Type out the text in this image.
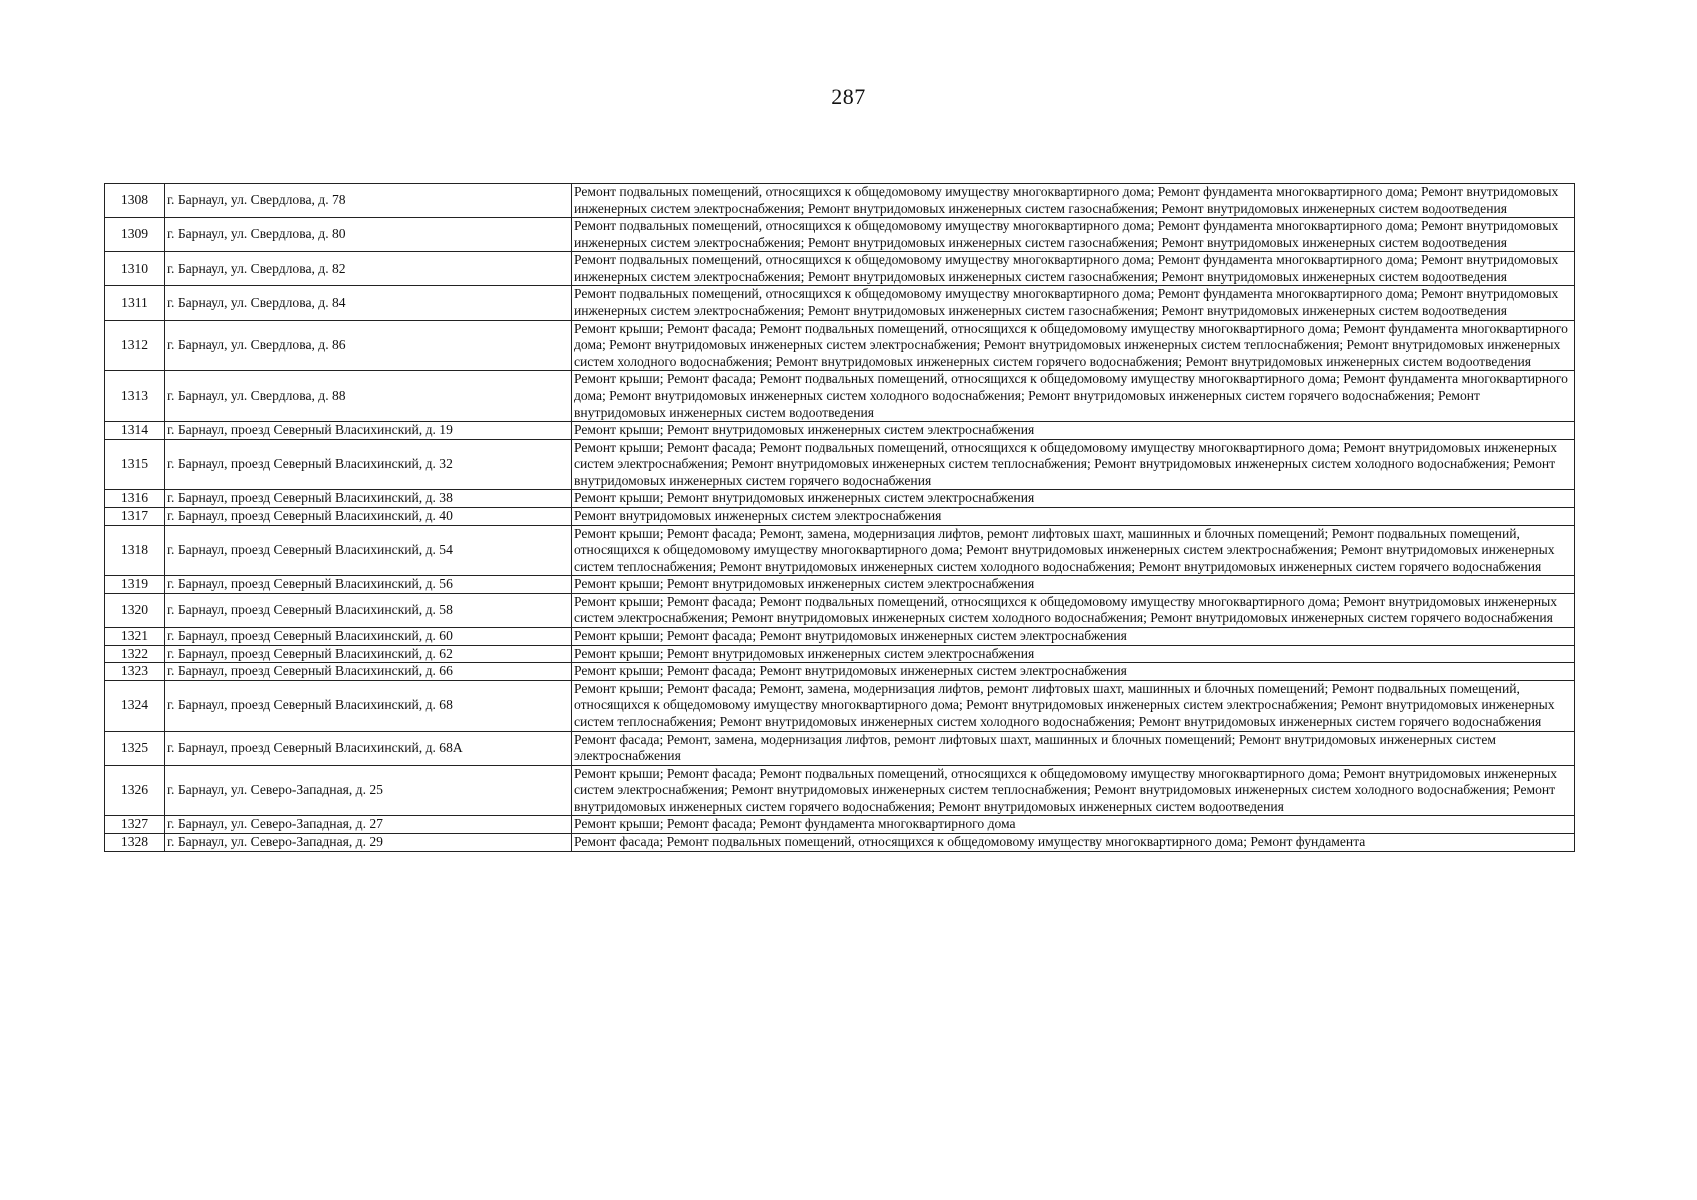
287
1308	г. Барнаул, ул. Свердлова, д. 78	Ремонт подвальных помещений, относящихся к общедомовому имуществу многоквартирного дома; Ремонт фундамента многоквартирного дома; Ремонт внутридомовых инженерных систем электроснабжения; Ремонт внутридомовых инженерных систем газоснабжения; Ремонт внутридомовых инженерных систем водоотведения
1309	г. Барнаул, ул. Свердлова, д. 80	Ремонт подвальных помещений, относящихся к общедомовому имуществу многоквартирного дома; Ремонт фундамента многоквартирного дома; Ремонт внутридомовых инженерных систем электроснабжения; Ремонт внутридомовых инженерных систем газоснабжения; Ремонт внутридомовых инженерных систем водоотведения
1310	г. Барнаул, ул. Свердлова, д. 82	Ремонт подвальных помещений, относящихся к общедомовому имуществу многоквартирного дома; Ремонт фундамента многоквартирного дома; Ремонт внутридомовых инженерных систем электроснабжения; Ремонт внутридомовых инженерных систем газоснабжения; Ремонт внутридомовых инженерных систем водоотведения
1311	г. Барнаул, ул. Свердлова, д. 84	Ремонт подвальных помещений, относящихся к общедомовому имуществу многоквартирного дома; Ремонт фундамента многоквартирного дома; Ремонт внутридомовых инженерных систем электроснабжения; Ремонт внутридомовых инженерных систем газоснабжения; Ремонт внутридомовых инженерных систем водоотведения
1312	г. Барнаул, ул. Свердлова, д. 86	Ремонт крыши; Ремонт фасада; Ремонт подвальных помещений, относящихся к общедомовому имуществу многоквартирного дома; Ремонт фундамента многоквартирного дома; Ремонт внутридомовых инженерных систем электроснабжения; Ремонт внутридомовых инженерных систем теплоснабжения; Ремонт внутридомовых инженерных систем холодного водоснабжения; Ремонт внутридомовых инженерных систем горячего водоснабжения; Ремонт внутридомовых инженерных систем водоотведения
1313	г. Барнаул, ул. Свердлова, д. 88	Ремонт крыши; Ремонт фасада; Ремонт подвальных помещений, относящихся к общедомовому имуществу многоквартирного дома; Ремонт фундамента многоквартирного дома; Ремонт внутридомовых инженерных систем холодного водоснабжения; Ремонт внутридомовых инженерных систем горячего водоснабжения; Ремонт внутридомовых инженерных систем водоотведения
1314	г. Барнаул, проезд Северный Власихинский, д. 19	Ремонт крыши; Ремонт внутридомовых инженерных систем электроснабжения
1315	г. Барнаул, проезд Северный Власихинский, д. 32	Ремонт крыши; Ремонт фасада; Ремонт подвальных помещений, относящихся к общедомовому имуществу многоквартирного дома; Ремонт внутридомовых инженерных систем электроснабжения; Ремонт внутридомовых инженерных систем теплоснабжения; Ремонт внутридомовых инженерных систем холодного водоснабжения; Ремонт внутридомовых инженерных систем горячего водоснабжения
1316	г. Барнаул, проезд Северный Власихинский, д. 38	Ремонт крыши; Ремонт внутридомовых инженерных систем электроснабжения
1317	г. Барнаул, проезд Северный Власихинский, д. 40	Ремонт внутридомовых инженерных систем электроснабжения
1318	г. Барнаул, проезд Северный Власихинский, д. 54	Ремонт крыши; Ремонт фасада; Ремонт, замена, модернизация лифтов, ремонт лифтовых шахт, машинных и блочных помещений; Ремонт подвальных помещений, относящихся к общедомовому имуществу многоквартирного дома; Ремонт внутридомовых инженерных систем электроснабжения; Ремонт внутридомовых инженерных систем теплоснабжения; Ремонт внутридомовых инженерных систем холодного водоснабжения; Ремонт внутридомовых инженерных систем горячего водоснабжения
1319	г. Барнаул, проезд Северный Власихинский, д. 56	Ремонт крыши; Ремонт внутридомовых инженерных систем электроснабжения
1320	г. Барнаул, проезд Северный Власихинский, д. 58	Ремонт крыши; Ремонт фасада; Ремонт подвальных помещений, относящихся к общедомовому имуществу многоквартирного дома; Ремонт внутридомовых инженерных систем электроснабжения; Ремонт внутридомовых инженерных систем холодного водоснабжения; Ремонт внутридомовых инженерных систем горячего водоснабжения
1321	г. Барнаул, проезд Северный Власихинский, д. 60	Ремонт крыши; Ремонт фасада; Ремонт внутридомовых инженерных систем электроснабжения
1322	г. Барнаул, проезд Северный Власихинский, д. 62	Ремонт крыши; Ремонт внутридомовых инженерных систем электроснабжения
1323	г. Барнаул, проезд Северный Власихинский, д. 66	Ремонт крыши; Ремонт фасада; Ремонт внутридомовых инженерных систем электроснабжения
1324	г. Барнаул, проезд Северный Власихинский, д. 68	Ремонт крыши; Ремонт фасада; Ремонт, замена, модернизация лифтов, ремонт лифтовых шахт, машинных и блочных помещений; Ремонт подвальных помещений, относящихся к общедомовому имуществу многоквартирного дома; Ремонт внутридомовых инженерных систем электроснабжения; Ремонт внутридомовых инженерных систем теплоснабжения; Ремонт внутридомовых инженерных систем холодного водоснабжения; Ремонт внутридомовых инженерных систем горячего водоснабжения
1325	г. Барнаул, проезд Северный Власихинский, д. 68А	Ремонт фасада; Ремонт, замена, модернизация лифтов, ремонт лифтовых шахт, машинных и блочных помещений; Ремонт внутридомовых инженерных систем электроснабжения
1326	г. Барнаул, ул. Северо-Западная, д. 25	Ремонт крыши; Ремонт фасада; Ремонт подвальных помещений, относящихся к общедомовому имуществу многоквартирного дома; Ремонт внутридомовых инженерных систем электроснабжения; Ремонт внутридомовых инженерных систем теплоснабжения; Ремонт внутридомовых инженерных систем холодного водоснабжения; Ремонт внутридомовых инженерных систем горячего водоснабжения; Ремонт внутридомовых инженерных систем водоотведения
1327	г. Барнаул, ул. Северо-Западная, д. 27	Ремонт крыши; Ремонт фасада; Ремонт фундамента многоквартирного дома
1328	г. Барнаул, ул. Северо-Западная, д. 29	Ремонт фасада; Ремонт подвальных помещений, относящихся к общедомовому имуществу многоквартирного дома; Ремонт фундамента
